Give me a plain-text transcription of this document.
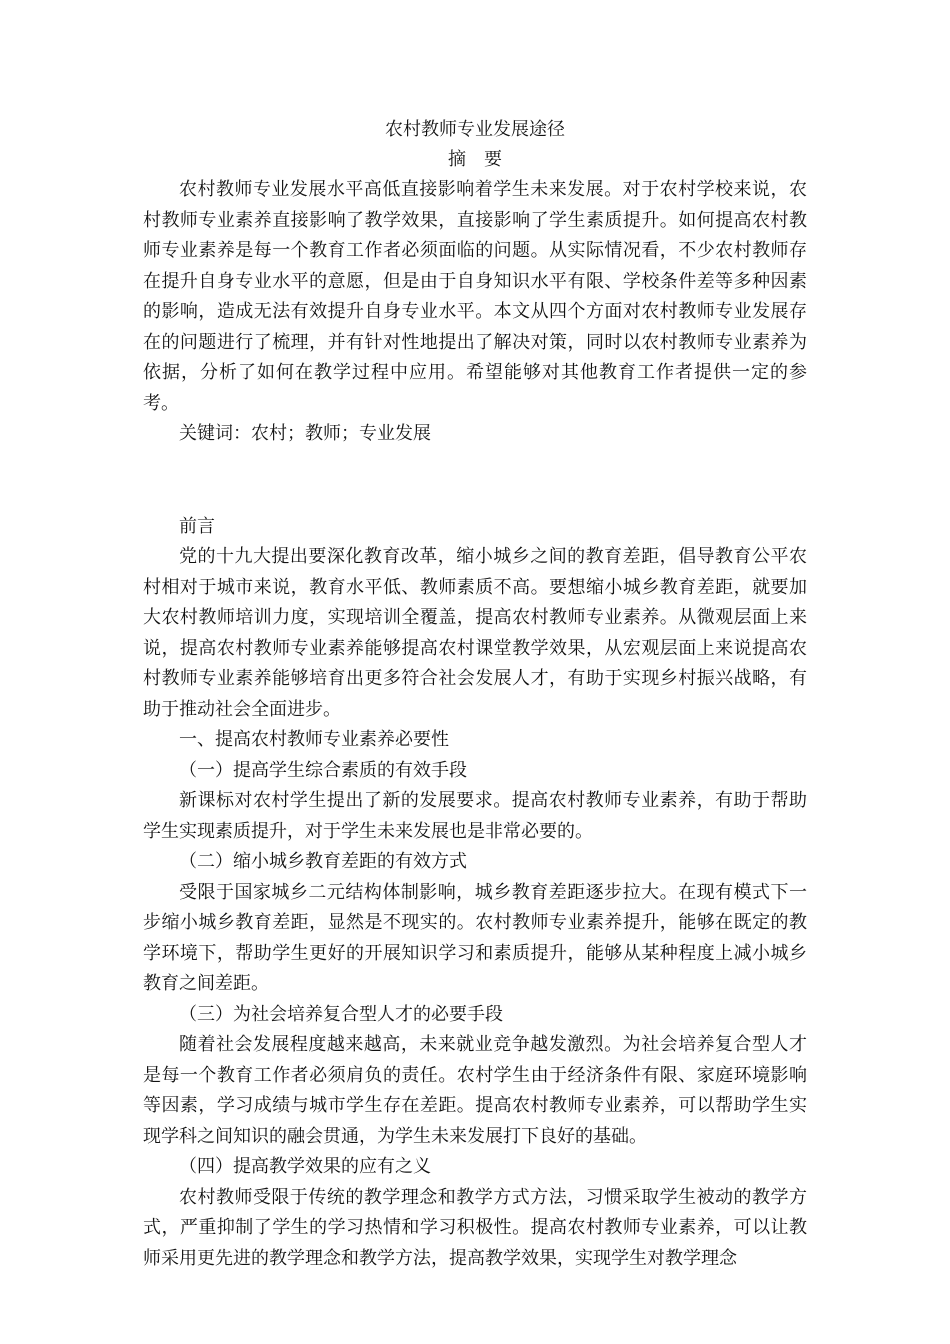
农村教师专业发展途径
摘　要

农村教师专业发展水平高低直接影响着学生未来发展。对于农村学校来说，农村教师专业素养直接影响了教学效果，直接影响了学生素质提升。如何提高农村教师专业素养是每一个教育工作者必须面临的问题。从实际情况看，不少农村教师存在提升自身专业水平的意愿，但是由于自身知识水平有限、学校条件差等多种因素的影响，造成无法有效提升自身专业水平。本文从四个方面对农村教师专业发展存在的问题进行了梳理，并有针对性地提出了解决对策，同时以农村教师专业素养为依据，分析了如何在教学过程中应用。希望能够对其他教育工作者提供一定的参考。

关键词：农村；教师；专业发展
前言

党的十九大提出要深化教育改革，缩小城乡之间的教育差距，倡导教育公平农村相对于城市来说，教育水平低、教师素质不高。要想缩小城乡教育差距，就要加大农村教师培训力度，实现培训全覆盖，提高农村教师专业素养。从微观层面上来说，提高农村教师专业素养能够提高农村课堂教学效果，从宏观层面上来说提高农村教师专业素养能够培育出更多符合社会发展人才，有助于实现乡村振兴战略，有助于推动社会全面进步。

一、提高农村教师专业素养必要性
（一）提高学生综合素质的有效手段

新课标对农村学生提出了新的发展要求。提高农村教师专业素养，有助于帮助学生实现素质提升，对于学生未来发展也是非常必要的。

（二）缩小城乡教育差距的有效方式

受限于国家城乡二元结构体制影响，城乡教育差距逐步拉大。在现有模式下一步缩小城乡教育差距，显然是不现实的。农村教师专业素养提升，能够在既定的教学环境下，帮助学生更好的开展知识学习和素质提升，能够从某种程度上减小城乡教育之间差距。

（三）为社会培养复合型人才的必要手段

随着社会发展程度越来越高，未来就业竞争越发激烈。为社会培养复合型人才是每一个教育工作者必须肩负的责任。农村学生由于经济条件有限、家庭环境影响等因素，学习成绩与城市学生存在差距。提高农村教师专业素养，可以帮助学生实现学科之间知识的融会贯通，为学生未来发展打下良好的基础。

（四）提高教学效果的应有之义

农村教师受限于传统的教学理念和教学方式方法，习惯采取学生被动的教学方式，严重抑制了学生的学习热情和学习积极性。提高农村教师专业素养，可以让教师采用更先进的教学理念和教学方法，提高教学效果，实现学生对教学理念
